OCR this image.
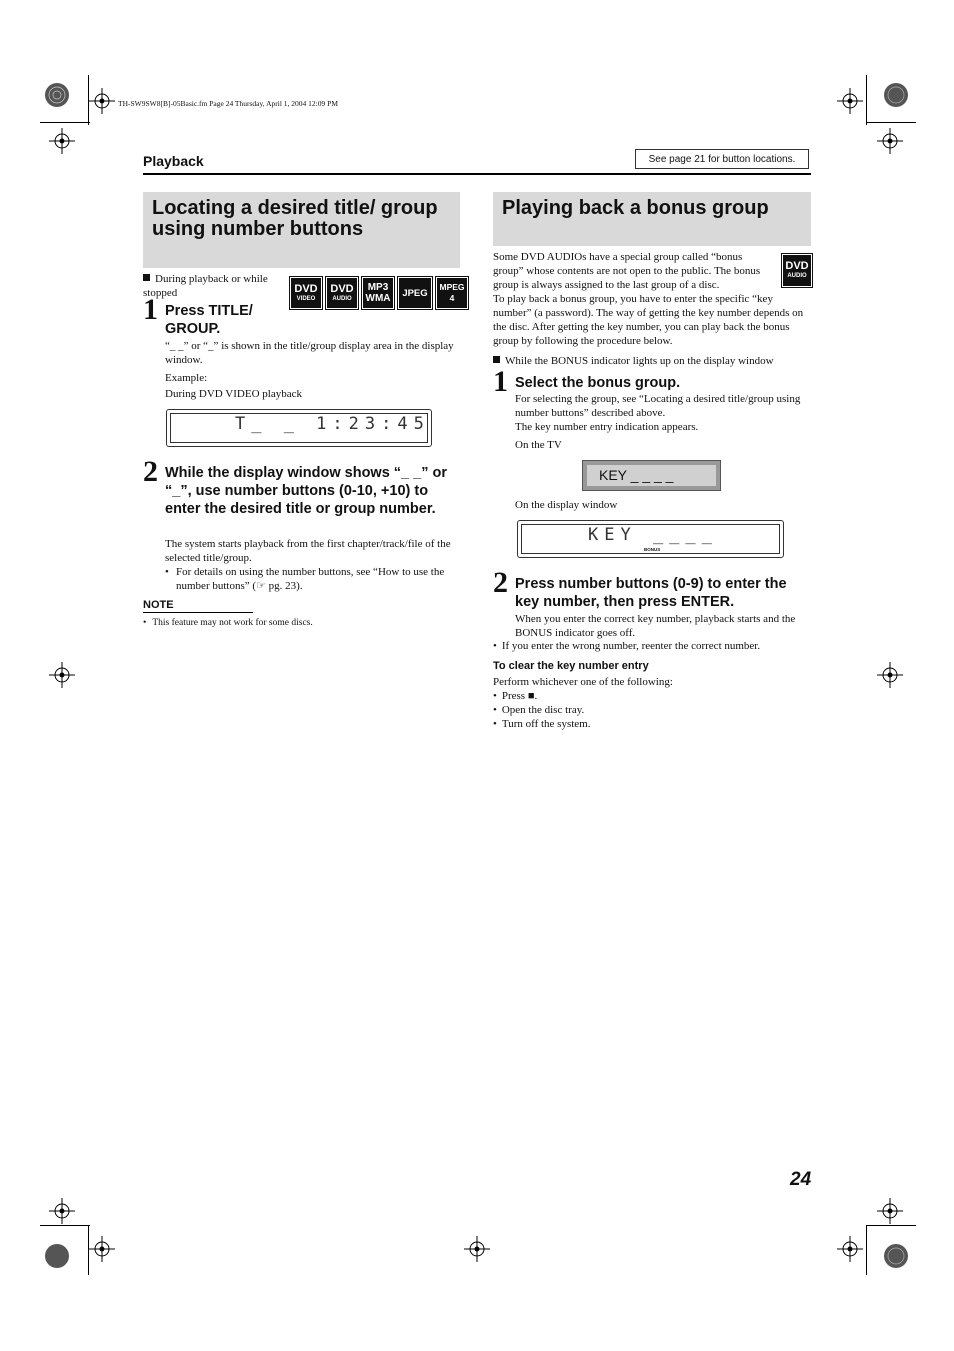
TH-SW9SW8[B]-05Basic.fm Page 24 Thursday, April 1, 2004 12:09 PM
Playback	See page 21 for button locations.
Locating a desired title/ group using number buttons
During playback or while stopped	DVD
VIDEO
DVD
AUDIO
MP3
WMA JPEG
MPEG
4
1 Press TITLE/ GROUP.
“_ _” or “_” is shown in the title/group display area in the display window.
Example:
During DVD VIDEO playback
T_ _ 1:23:45
2 While the display window shows “_ _” or “_”, use number buttons (0-10, +10) to enter the desired title or group number.
The system starts playback from the first chapter/track/file of the selected title/group.
• For details on using the number buttons, see “How to use the number buttons” (☞ pg. 23).
NOTE
• This feature may not work for some discs.
Playing back a bonus group
DVD
AUDIO
Some DVD AUDIOs have a special group called “bonus group” whose contents are not open to the public. The bonus group is always assigned to the last group of a disc.
To play back a bonus group, you have to enter the specific “key number” (a password). The way of getting the key number depends on the disc. After getting the key number, you can play back the bonus group by following the procedure below.
While the BONUS indicator lights up on the display window
1 Select the bonus group.
For selecting the group, see “Locating a desired title/group using number buttons” described above.
The key number entry indication appears.
On the TV
KEY _ _ _ _
On the display window
KEY ____
BONUS
2 Press number buttons (0-9) to enter the key number, then press ENTER.
When you enter the correct key number, playback starts and the BONUS indicator goes off.
• If you enter the wrong number, reenter the correct number.
To clear the key number entry
Perform whichever one of the following:
• Press ■.
• Open the disc tray.
• Turn off the system.
24
